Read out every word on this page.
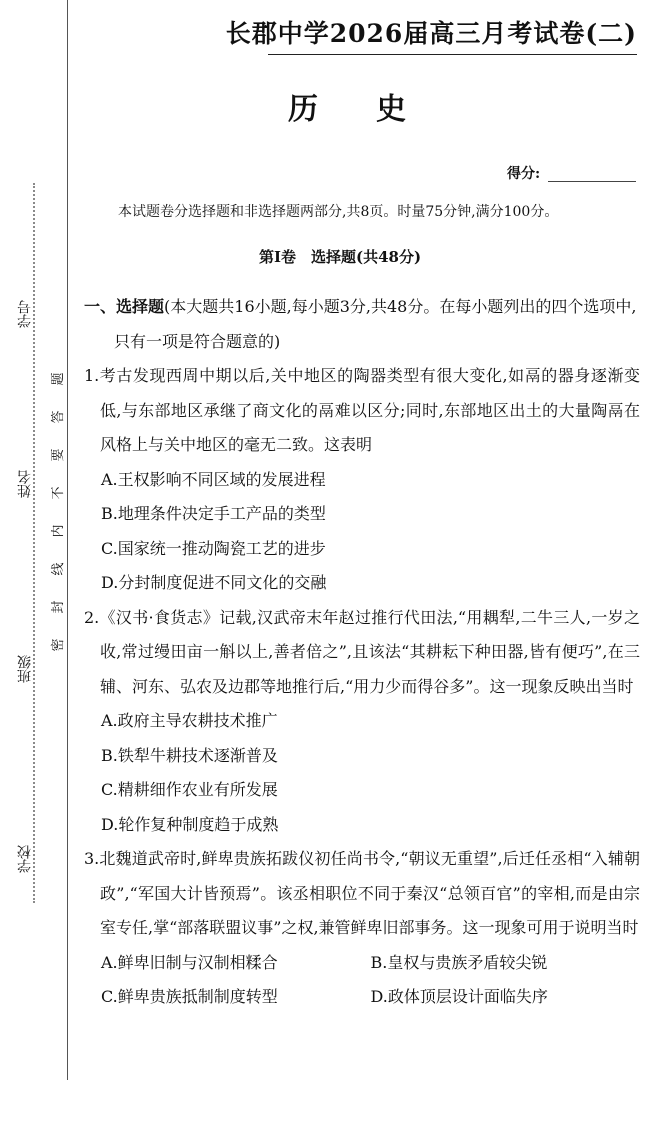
学号
姓名
班级
学校
题
答
要
不
内
线
封
密
长郡中学2026届高三月考试卷(二)
历史
得分:
本试题卷分选择题和非选择题两部分,共8页。时量75分钟,满分100分。
第Ⅰ卷　选择题(共48分)

一、选择题(本大题共16小题,每小题3分,共48分。在每小题列出的四个选项中,只有一项是符合题意的)

1.考古发现西周中期以后,关中地区的陶器类型有很大变化,如鬲的器身逐渐变低,与东部地区承继了商文化的鬲难以区分;同时,东部地区出土的大量陶鬲在风格上与关中地区的毫无二致。这表明

A.王权影响不同区域的发展进程

B.地理条件决定手工产品的类型

C.国家统一推动陶瓷工艺的进步

D.分封制度促进不同文化的交融

2.《汉书·食货志》记载,汉武帝末年赵过推行代田法,“用耦犁,二牛三人,一岁之收,常过缦田亩一斛以上,善者倍之”,且该法“其耕耘下种田器,皆有便巧”,在三辅、河东、弘农及边郡等地推行后,“用力少而得谷多”。这一现象反映出当时

A.政府主导农耕技术推广

B.铁犁牛耕技术逐渐普及

C.精耕细作农业有所发展

D.轮作复种制度趋于成熟

3.北魏道武帝时,鲜卑贵族拓跋仪初任尚书令,“朝议无重望”,后迁任丞相“入辅朝政”,“军国大计皆预焉”。该丞相职位不同于秦汉“总领百官”的宰相,而是由宗室专任,掌“部落联盟议事”之权,兼管鲜卑旧部事务。这一现象可用于说明当时

A.鲜卑旧制与汉制相糅合	B.皇权与贵族矛盾较尖锐
C.鲜卑贵族抵制制度转型	D.政体顶层设计面临失序
